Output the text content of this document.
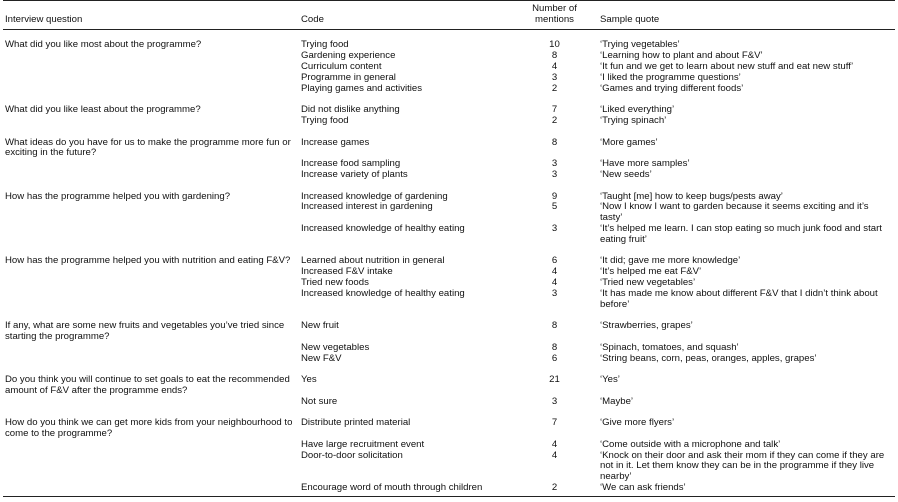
Interview question	Code	Number of mentions	Sample quote

What did you like most about the programme?	Trying food	10	‘Trying vegetables’
	Gardening experience	8	‘Learning how to plant and about F&V’
	Curriculum content	4	‘It fun and we get to learn about new stuff and eat new stuff’
	Programme in general	3	‘I liked the programme questions’
	Playing games and activities	2	‘Games and trying different foods’

What did you like least about the programme?	Did not dislike anything	7	‘Liked everything’
	Trying food	2	‘Trying spinach’

What ideas do you have for us to make the programme more fun or exciting in the future?	Increase games	8	‘More games’
	Increase food sampling	3	‘Have more samples’
	Increase variety of plants	3	‘New seeds’

How has the programme helped you with gardening?	Increased knowledge of gardening	9	‘Taught [me] how to keep bugs/pests away’
	Increased interest in gardening	5	‘Now I know I want to garden because it seems exciting and it’s tasty’
	Increased knowledge of healthy eating	3	‘It’s helped me learn. I can stop eating so much junk food and start eating fruit’

How has the programme helped you with nutrition and eating F&V?	Learned about nutrition in general	6	‘It did; gave me more knowledge’
	Increased F&V intake	4	‘It’s helped me eat F&V’
	Tried new foods	4	‘Tried new vegetables’
	Increased knowledge of healthy eating	3	‘It has made me know about different F&V that I didn’t think about before’

If any, what are some new fruits and vegetables you’ve tried since starting the programme?	New fruit	8	‘Strawberries, grapes’
	New vegetables	8	‘Spinach, tomatoes, and squash’
	New F&V	6	‘String beans, corn, peas, oranges, apples, grapes’

Do you think you will continue to set goals to eat the recommended amount of F&V after the programme ends?	Yes	21	‘Yes’
	Not sure	3	‘Maybe’

How do you think we can get more kids from your neighbourhood to come to the programme?	Distribute printed material	7	‘Give more flyers’
	Have large recruitment event	4	‘Come outside with a microphone and talk’
	Door-to-door solicitation	4	‘Knock on their door and ask their mom if they can come if they are not in it. Let them know they can be in the programme if they live nearby’
	Encourage word of mouth through children	2	‘We can ask friends’
